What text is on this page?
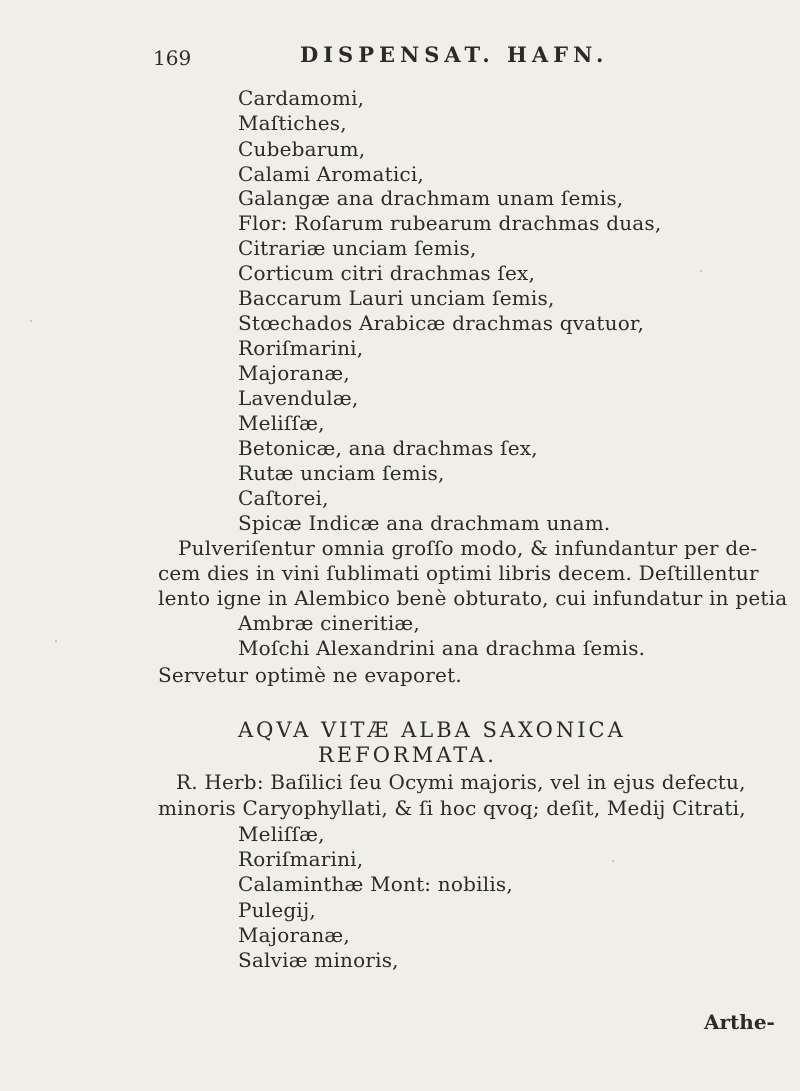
169	DISPENSAT. HAFN.
Cardamomi,
Maſtiches,
Cubebarum,
Calami Aromatici,
Galangæ ana drachmam unam ſemis,
Flor: Roſarum rubearum drachmas duas,
Citrariæ unciam ſemis,
Corticum citri drachmas ſex,
Baccarum Lauri unciam ſemis,
Stœchados Arabicæ drachmas qvatuor,
Roriſmarini,
Majoranæ,
Lavendulæ,
Meliſſæ,
Betonicæ, ana drachmas ſex,
Rutæ unciam ſemis,
Caſtorei,
Spicæ Indicæ ana drachmam unam.
Pulveriſentur omnia groſſo modo, & infundantur per de-
cem dies in vini ſublimati optimi libris decem. Deſtillentur
lento igne in Alembico benè obturato, cui infundatur in petia
Ambræ cineritiæ,
Moſchi Alexandrini ana drachma ſemis.
Servetur optimè ne evaporet.
AQVA VITÆ ALBA SAXONICA
REFORMATA.
R. Herb: Baſilici ſeu Ocymi majoris, vel in ejus defectu,
minoris Caryophyllati, & ſi hoc qvoq; deſit, Medij Citrati,
Meliſſæ,
Roriſmarini,
Calaminthæ Mont: nobilis,
Pulegij,
Majoranæ,
Salviæ minoris,
Arthe-
